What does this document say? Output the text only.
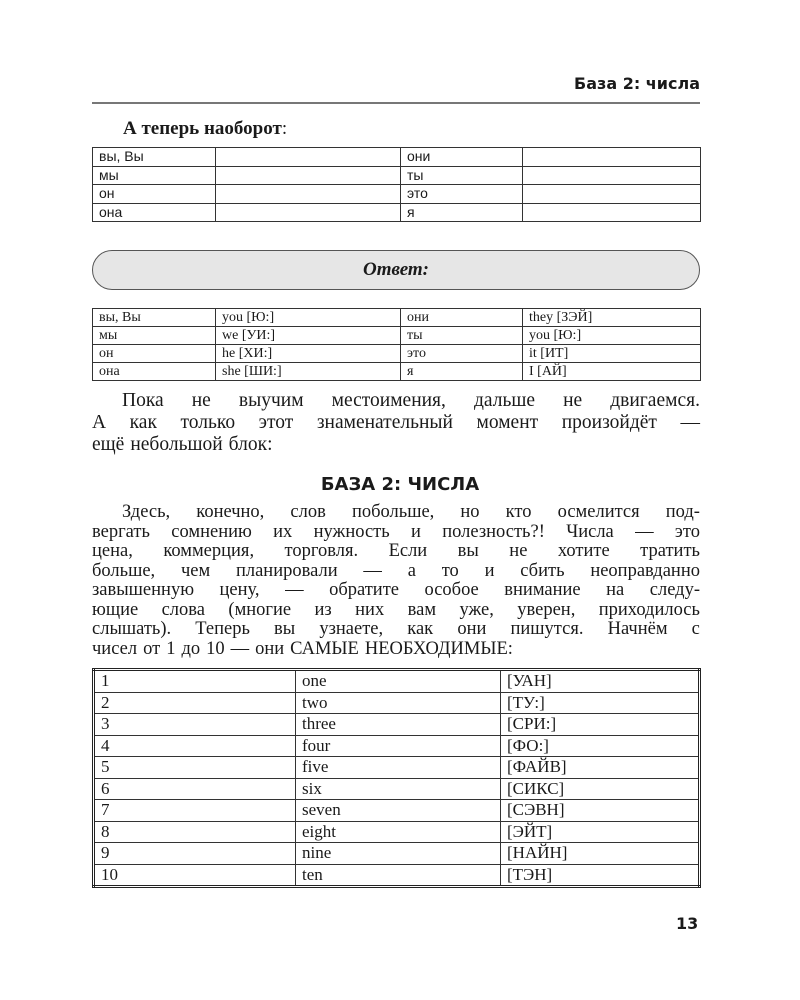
База 2: числа
А теперь наоборот:
вы, Вы		они	
мы		ты	
он		это	
она		я	
Ответ:
вы, Вы	you [Ю:]	они	they [ЗЭЙ]
мы	we [УИ:]	ты	you [Ю:]
он	he [ХИ:]	это	it [ИТ]
она	she [ШИ:]	я	I [АЙ]
Пока не выучим местоимения, дальше не двигаемся.
А как только этот знаменательный момент произойдёт —
ещё небольшой блок:
БАЗА 2: ЧИСЛА
Здесь, конечно, слов побольше, но кто осмелится под-
вергать сомнению их нужность и полезность?! Числа — это
цена, коммерция, торговля. Если вы не хотите тратить
больше, чем планировали — а то и сбить неоправданно
завышенную цену, — обратите особое внимание на следу-
ющие слова (многие из них вам уже, уверен, приходилось
слышать). Теперь вы узнаете, как они пишутся. Начнём с
чисел от 1 до 10 — они САМЫЕ НЕОБХОДИМЫЕ:
1	one	[УАН]
2	two	[ТУ:]
3	three	[СРИ:]
4	four	[ФО:]
5	five	[ФАЙВ]
6	six	[СИКС]
7	seven	[СЭВН]
8	eight	[ЭЙТ]
9	nine	[НАЙН]
10	ten	[ТЭН]
13
